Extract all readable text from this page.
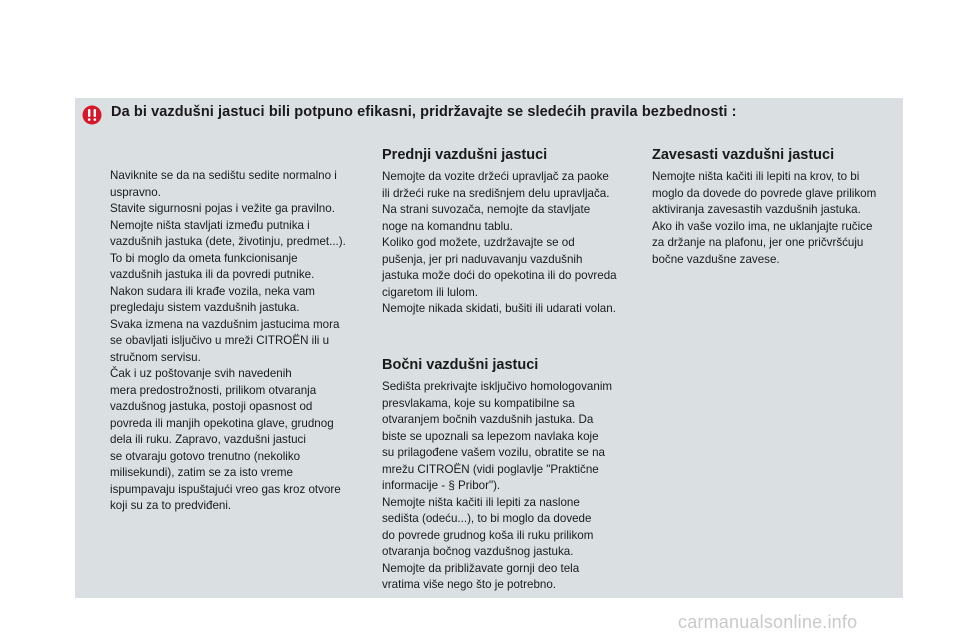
Da bi vazdušni jastuci bili potpuno efikasni, pridržavajte se sledećih pravila bezbednosti :
Naviknite se da na sedištu sedite normalno i
uspravno.
Stavite sigurnosni pojas i vežite ga pravilno.
Nemojte ništa stavljati između putnika i
vazdušnih jastuka (dete, životinju, predmet...).
To bi moglo da ometa funkcionisanje
vazdušnih jastuka ili da povredi putnike.
Nakon sudara ili krađe vozila, neka vam
pregledaju sistem vazdušnih jastuka.
Svaka izmena na vazdušnim jastucima mora
se obavljati isljučivo u mreži CITROËN ili u
stručnom servisu.
Čak i uz poštovanje svih navedenih
mera predostrožnosti, prilikom otvaranja
vazdušnog jastuka, postoji opasnost od
povreda ili manjih opekotina glave, grudnog
dela ili ruku. Zapravo, vazdušni jastuci
se otvaraju gotovo trenutno (nekoliko
milisekundi), zatim se za isto vreme
ispumpavaju ispuštajući vreo gas kroz otvore
koji su za to predviđeni.
Prednji vazdušni jastuci

Nemojte da vozite držeći upravljač za paoke
ili držeći ruke na središnjem delu upravljača.
Na strani suvozača, nemojte da stavljate
noge na komandnu tablu.
Koliko god možete, uzdržavajte se od
pušenja, jer pri naduvavanju vazdušnih
jastuka može doći do opekotina ili do povreda
cigaretom ili lulom.
Nemojte nikada skidati, bušiti ili udarati volan.

Bočni vazdušni jastuci

Sedišta prekrivajte isključivo homologovanim
presvlakama, koje su kompatibilne sa
otvaranjem bočnih vazdušnih jastuka. Da
biste se upoznali sa lepezom navlaka koje
su prilagođene vašem vozilu, obratite se na
mrežu CITROËN (vidi poglavlje "Praktične
informacije - § Pribor").
Nemojte ništa kačiti ili lepiti za naslone
sedišta (odeću...), to bi moglo da dovede
do povrede grudnog koša ili ruku prilikom
otvaranja bočnog vazdušnog jastuka.
Nemojte da približavate gornji deo tela
vratima više nego što je potrebno.

Zavesasti vazdušni jastuci

Nemojte ništa kačiti ili lepiti na krov, to bi
moglo da dovede do povrede glave prilikom
aktiviranja zavesastih vazdušnih jastuka.
Ako ih vaše vozilo ima, ne uklanjajte ručice
za držanje na plafonu, jer one pričvršćuju
bočne vazdušne zavese.

carmanualsonline.info
